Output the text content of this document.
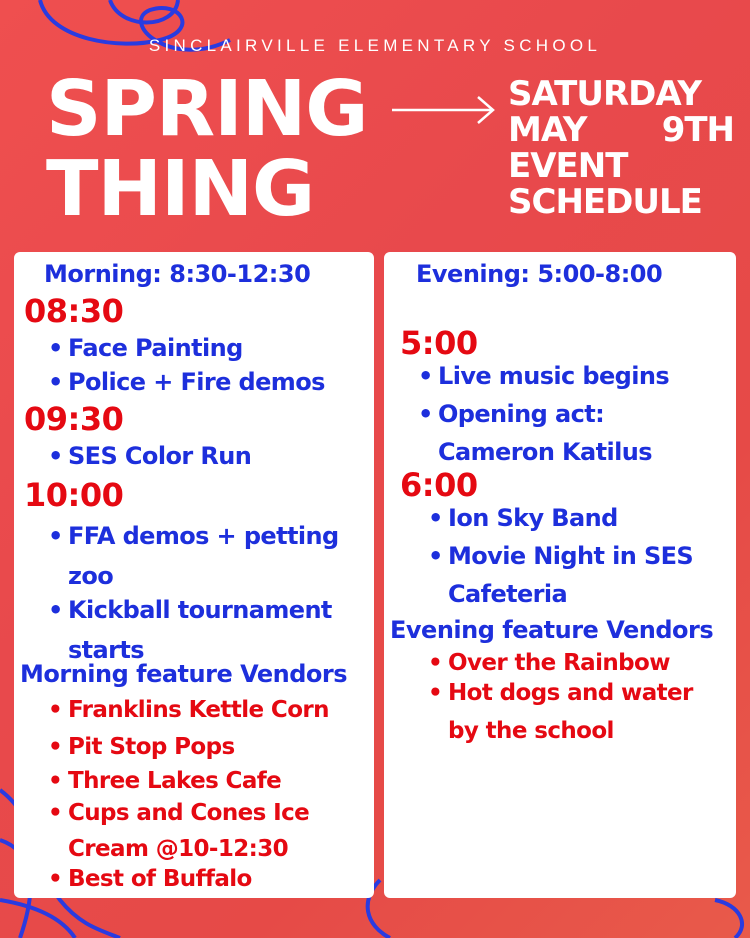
SINCLAIRVILLE ELEMENTARY SCHOOL
SPRING
THING
SATURDAY
MAY 9TH
EVENT
SCHEDULE
Morning: 8:30-12:30
08:30
• Face Painting
• Police + Fire demos
09:30
• SES Color Run
10:00
• FFA demos + petting
zoo
• Kickball tournament
starts
Morning feature Vendors
• Franklins Kettle Corn
• Pit Stop Pops
• Three Lakes Cafe
• Cups and Cones Ice
Cream @10-12:30
• Best of Buffalo
Evening: 5:00-8:00
5:00
• Live music begins
• Opening act:
Cameron Katilus
6:00
• Ion Sky Band
• Movie Night in SES
Cafeteria
Evening feature Vendors
• Over the Rainbow
• Hot dogs and water
by the school
